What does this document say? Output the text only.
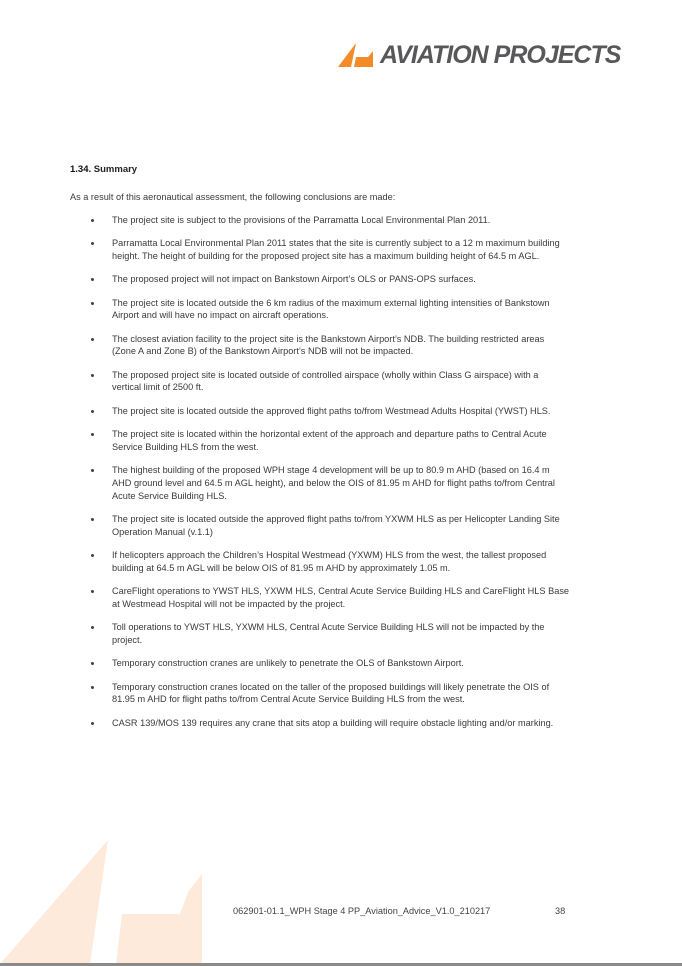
AVIATION PROJECTS
1.34. Summary

As a result of this aeronautical assessment, the following conclusions are made:

The project site is subject to the provisions of the Parramatta Local Environmental Plan 2011.
Parramatta Local Environmental Plan 2011 states that the site is currently subject to a 12 m maximum building height. The height of building for the proposed project site has a maximum building height of 64.5 m AGL.
The proposed project will not impact on Bankstown Airport’s OLS or PANS-OPS surfaces.
The project site is located outside the 6 km radius of the maximum external lighting intensities of Bankstown Airport and will have no impact on aircraft operations.
The closest aviation facility to the project site is the Bankstown Airport’s NDB. The building restricted areas (Zone A and Zone B) of the Bankstown Airport’s NDB will not be impacted.
The proposed project site is located outside of controlled airspace (wholly within Class G airspace) with a vertical limit of 2500 ft.
The project site is located outside the approved flight paths to/from Westmead Adults Hospital (YWST) HLS.
The project site is located within the horizontal extent of the approach and departure paths to Central Acute Service Building HLS from the west.
The highest building of the proposed WPH stage 4 development will be up to 80.9 m AHD (based on 16.4 m AHD ground level and 64.5 m AGL height), and below the OIS of 81.95 m AHD for flight paths to/from Central Acute Service Building HLS.
The project site is located outside the approved flight paths to/from YXWM HLS as per Helicopter Landing Site Operation Manual (v.1.1)
If helicopters approach the Children’s Hospital Westmead (YXWM) HLS from the west, the tallest proposed building at 64.5 m AGL will be below OIS of 81.95 m AHD by approximately 1.05 m.
CareFlight operations to YWST HLS, YXWM HLS, Central Acute Service Building HLS and CareFlight HLS Base at Westmead Hospital will not be impacted by the project.
Toll operations to YWST HLS, YXWM HLS, Central Acute Service Building HLS will not be impacted by the project.
Temporary construction cranes are unlikely to penetrate the OLS of Bankstown Airport.
Temporary construction cranes located on the taller of the proposed buildings will likely penetrate the OIS of 81.95 m AHD for flight paths to/from Central Acute Service Building HLS from the west.
CASR 139/MOS 139 requires any crane that sits atop a building will require obstacle lighting and/or marking.
062901-01.1_WPH Stage 4 PP_Aviation_Advice_V1.0_210217	38
